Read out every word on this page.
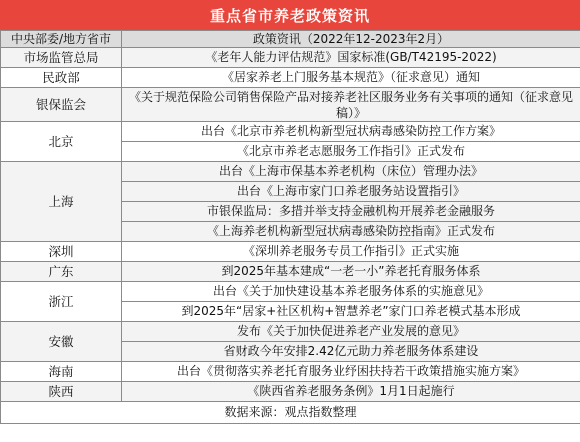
重点省市养老政策资讯
中央部委/地方省市	政策资讯（2022年12-2023年2月）
市场监管总局	《老年人能力评估规范》国家标准(GB/T42195-2022)
民政部	《居家养老上门服务基本规范》（征求意见）通知
银保监会	《关于规范保险公司销售保险产品对接养老社区服务业务有关事项的通知（征求意见稿）》
北京	出台《北京市养老机构新型冠状病毒感染防控工作方案》
	《北京市养老志愿服务工作指引》正式发布
上海	出台《上海市保基本养老机构（床位）管理办法》
	出台《上海市家门口养老服务站设置指引》
	市银保监局：多措并举支持金融机构开展养老金融服务
	《上海养老机构新型冠状病毒感染防控指南》正式发布
深圳	《深圳养老服务专员工作指引》正式实施
广东	到2025年基本建成“一老一小”养老托育服务体系
浙江	出台《关于加快建设基本养老服务体系的实施意见》
	到2025年“居家+社区机构+智慧养老”家门口养老模式基本形成
安徽	发布《关于加快促进养老产业发展的意见》
	省财政今年安排2.42亿元助力养老服务体系建设
海南	出台《贯彻落实养老托育服务业纾困扶持若干政策措施实施方案》
陕西	《陕西省养老服务条例》1月1日起施行
数据来源：观点指数整理	
